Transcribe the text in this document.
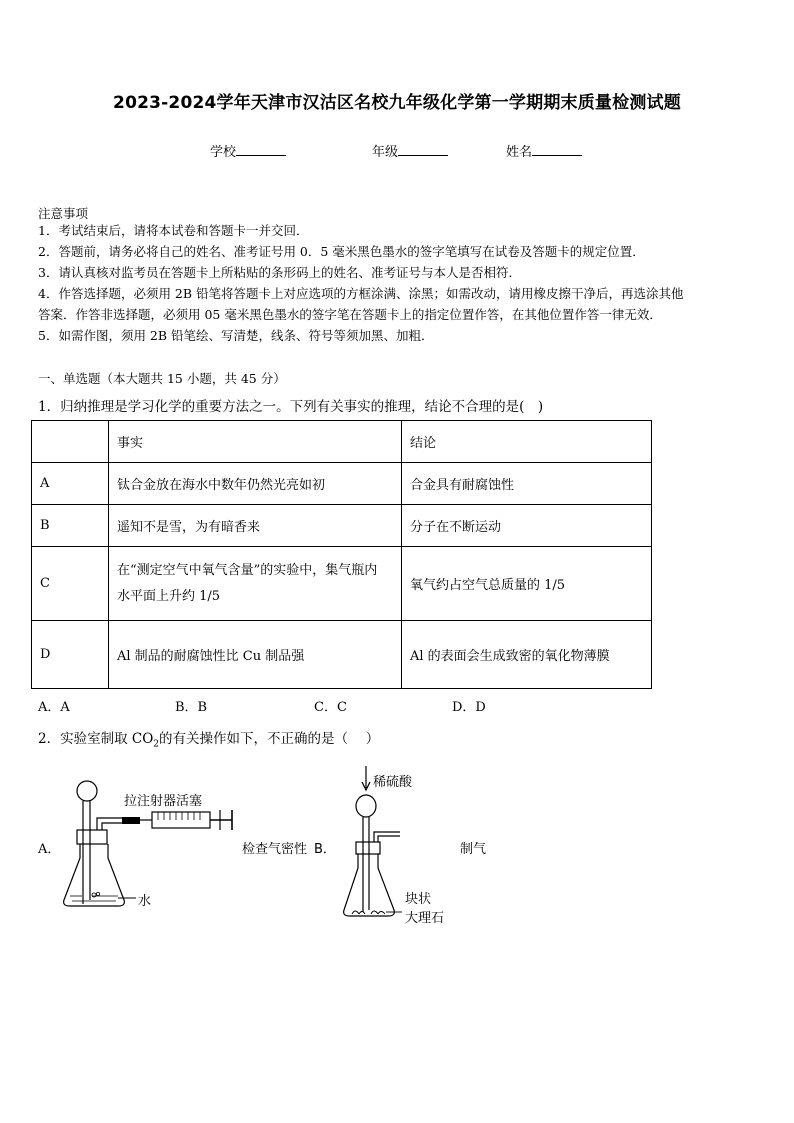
2023-2024学年天津市汉沽区名校九年级化学第一学期期末质量检测试题
学校	年级	姓名
注意事项
1．考试结束后，请将本试卷和答题卡一并交回．
2．答题前，请务必将自己的姓名、准考证号用 0．5 毫米黑色墨水的签字笔填写在试卷及答题卡的规定位置．
3．请认真核对监考员在答题卡上所粘贴的条形码上的姓名、准考证号与本人是否相符．
4．作答选择题，必须用 2B 铅笔将答题卡上对应选项的方框涂满、涂黑；如需改动，请用橡皮擦干净后，再选涂其他
答案．作答非选择题，必须用 05 毫米黑色墨水的签字笔在答题卡上的指定位置作答，在其他位置作答一律无效．
5．如需作图，须用 2B 铅笔绘、写清楚，线条、符号等须加黑、加粗．
一、单选题（本大题共 15 小题，共 45 分）
1．归纳推理是学习化学的重要方法之一。下列有关事实的推理，结论不合理的是(　)
	事实	结论
A	钛合金放在海水中数年仍然光亮如初	合金具有耐腐蚀性
B	遥知不是雪，为有暗香来	分子在不断运动
C	在“测定空气中氧气含量”的实验中，集气瓶内
水平面上升约 1/5	氧气约占空气总质量的 1/5
D	Al 制品的耐腐蚀性比 Cu 制品强	Al 的表面会生成致密的氧化物薄膜
A．A	B．B	C．C	D．D
2．实验室制取 $CO_2$的有关操作如下，不正确的是（　 ）
A．
拉注射器活塞
水
检查气密性 B．
稀硫酸
块状
大理石
制气
